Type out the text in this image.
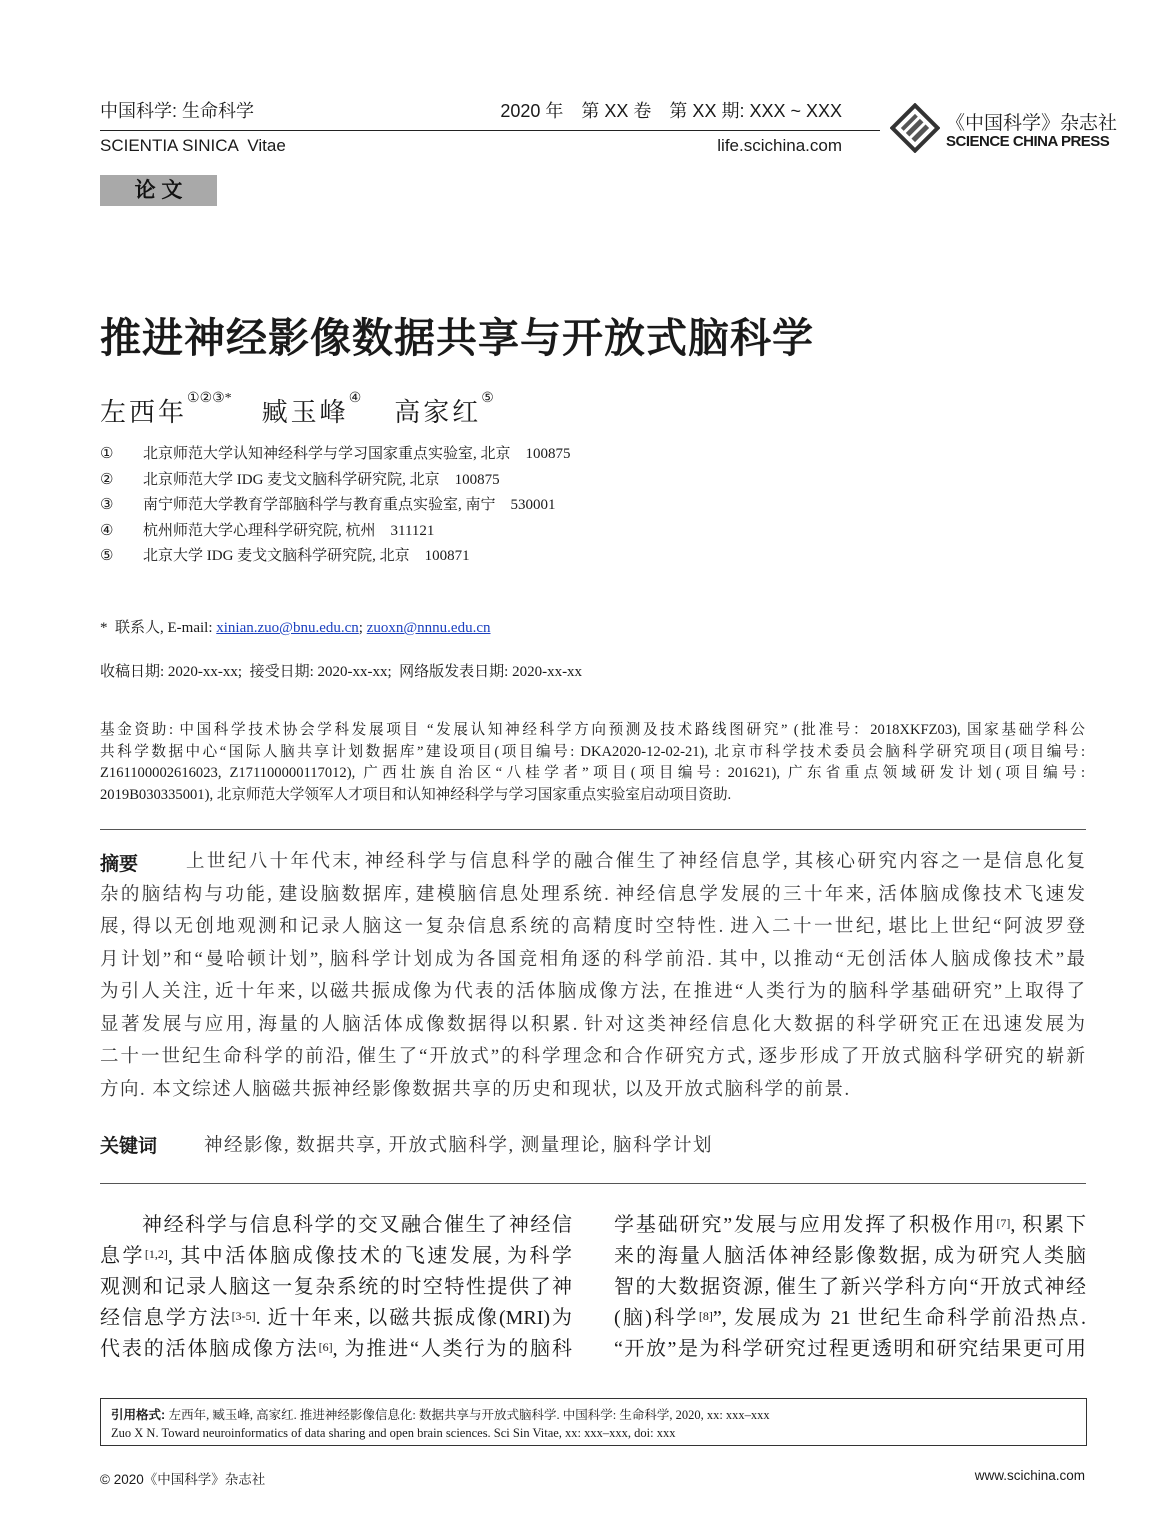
中国科学: 生命科学	2020 年　第 XX 卷　第 XX 期: XXX ~ XXX
SCIENTIA SINICA  Vitae	life.scichina.com
《中国科学》杂志社
SCIENCE CHINA PRESS
论 文
推进神经影像数据共享与开放式脑科学
左西年①②③* 臧玉峰④ 高家红⑤
① 北京师范大学认知神经科学与学习国家重点实验室, 北京　100875
② 北京师范大学 IDG 麦戈文脑科学研究院, 北京　100875
③ 南宁师范大学教育学部脑科学与教育重点实验室, 南宁　530001
④ 杭州师范大学心理科学研究院, 杭州　311121
⑤ 北京大学 IDG 麦戈文脑科学研究院, 北京　100871
*  联系人, E-mail: xinian.zuo@bnu.edu.cn; zuoxn@nnnu.edu.cn
收稿日期: 2020-xx-xx;  接受日期: 2020-xx-xx;  网络版发表日期: 2020-xx-xx
基金资助: 中国科学技术协会学科发展项目 “发展认知神经科学方向预测及技术路线图研究” (批准号：2018XKFZ03), 国家基础学科公
共科学数据中心“国际人脑共享计划数据库”建设项目(项目编号: DKA2020-12-02-21), 北京市科学技术委员会脑科学研究项目(项目编号:
Z161100002616023, Z171100000117012), 广西壮族自治区“八桂学者”项目(项目编号: 201621), 广东省重点领域研发计划(项目编号:
2019B030335001), 北京师范大学领军人才项目和认知神经科学与学习国家重点实验室启动项目资助.
摘要	上世纪八十年代末, 神经科学与信息科学的融合催生了神经信息学, 其核心研究内容之一是信息化复
杂的脑结构与功能, 建设脑数据库, 建模脑信息处理系统. 神经信息学发展的三十年来, 活体脑成像技术飞速发
展, 得以无创地观测和记录人脑这一复杂信息系统的高精度时空特性. 进入二十一世纪, 堪比上世纪“阿波罗登
月计划”和“曼哈顿计划”, 脑科学计划成为各国竞相角逐的科学前沿. 其中, 以推动“无创活体人脑成像技术”最
为引人关注, 近十年来, 以磁共振成像为代表的活体脑成像方法, 在推进“人类行为的脑科学基础研究”上取得了
显著发展与应用, 海量的人脑活体成像数据得以积累. 针对这类神经信息化大数据的科学研究正在迅速发展为
二十一世纪生命科学的前沿, 催生了“开放式”的科学理念和合作研究方式, 逐步形成了开放式脑科学研究的崭新
方向. 本文综述人脑磁共振神经影像数据共享的历史和现状, 以及开放式脑科学的前景.
关键词	神经影像, 数据共享, 开放式脑科学, 测量理论, 脑科学计划
神经科学与信息科学的交叉融合催生了神经信
息学[1,2], 其中活体脑成像技术的飞速发展, 为科学
观测和记录人脑这一复杂系统的时空特性提供了神
经信息学方法[3-5]. 近十年来, 以磁共振成像(MRI)为
代表的活体脑成像方法[6], 为推进“人类行为的脑科
学基础研究”发展与应用发挥了积极作用[7], 积累下
来的海量人脑活体神经影像数据, 成为研究人类脑
智的大数据资源, 催生了新兴学科方向“开放式神经
(脑)科学[8]”, 发展成为 21 世纪生命科学前沿热点.
“开放”是为科学研究过程更透明和研究结果更可用
引用格式: 左西年, 臧玉峰, 高家红. 推进神经影像信息化: 数据共享与开放式脑科学. 中国科学: 生命科学, 2020, xx: xxx–xxx
Zuo X N. Toward neuroinformatics of data sharing and open brain sciences. Sci Sin Vitae, xx: xxx–xxx, doi: xxx
© 2020《中国科学》杂志社	www.scichina.com
